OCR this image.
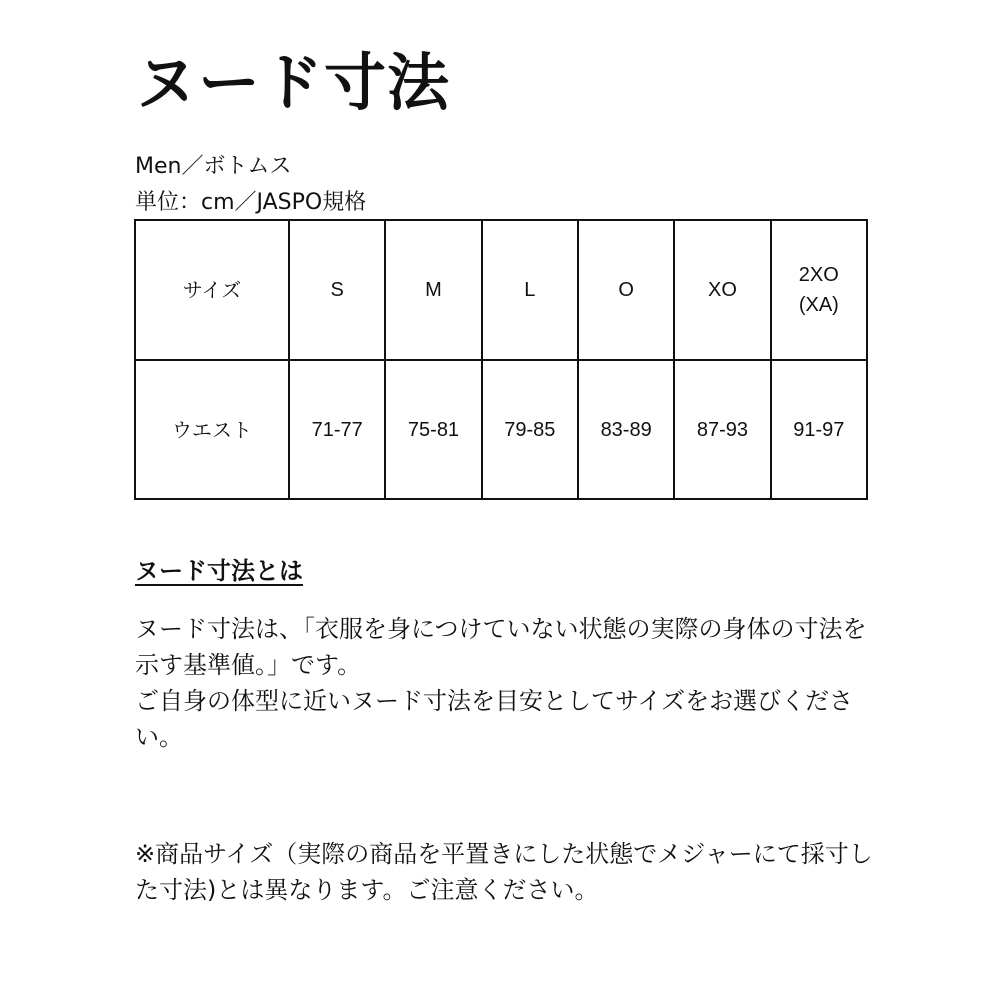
ヌード寸法
Men／ボトムス
単位：cm／JASPO規格
サイズ	S	M	L	O	XO	2XO
(XA)
ウエスト	71-77	75-81	79-85	83-89	87-93	91-97
ヌード寸法とは

ヌード寸法は、「衣服を身につけていない状態の実際の身体の寸法を示す基準値。」です。

ご自身の体型に近いヌード寸法を目安としてサイズをお選びください。

※商品サイズ（実際の商品を平置きにした状態でメジャーにて採寸した寸法)とは異なります。ご注意ください。
